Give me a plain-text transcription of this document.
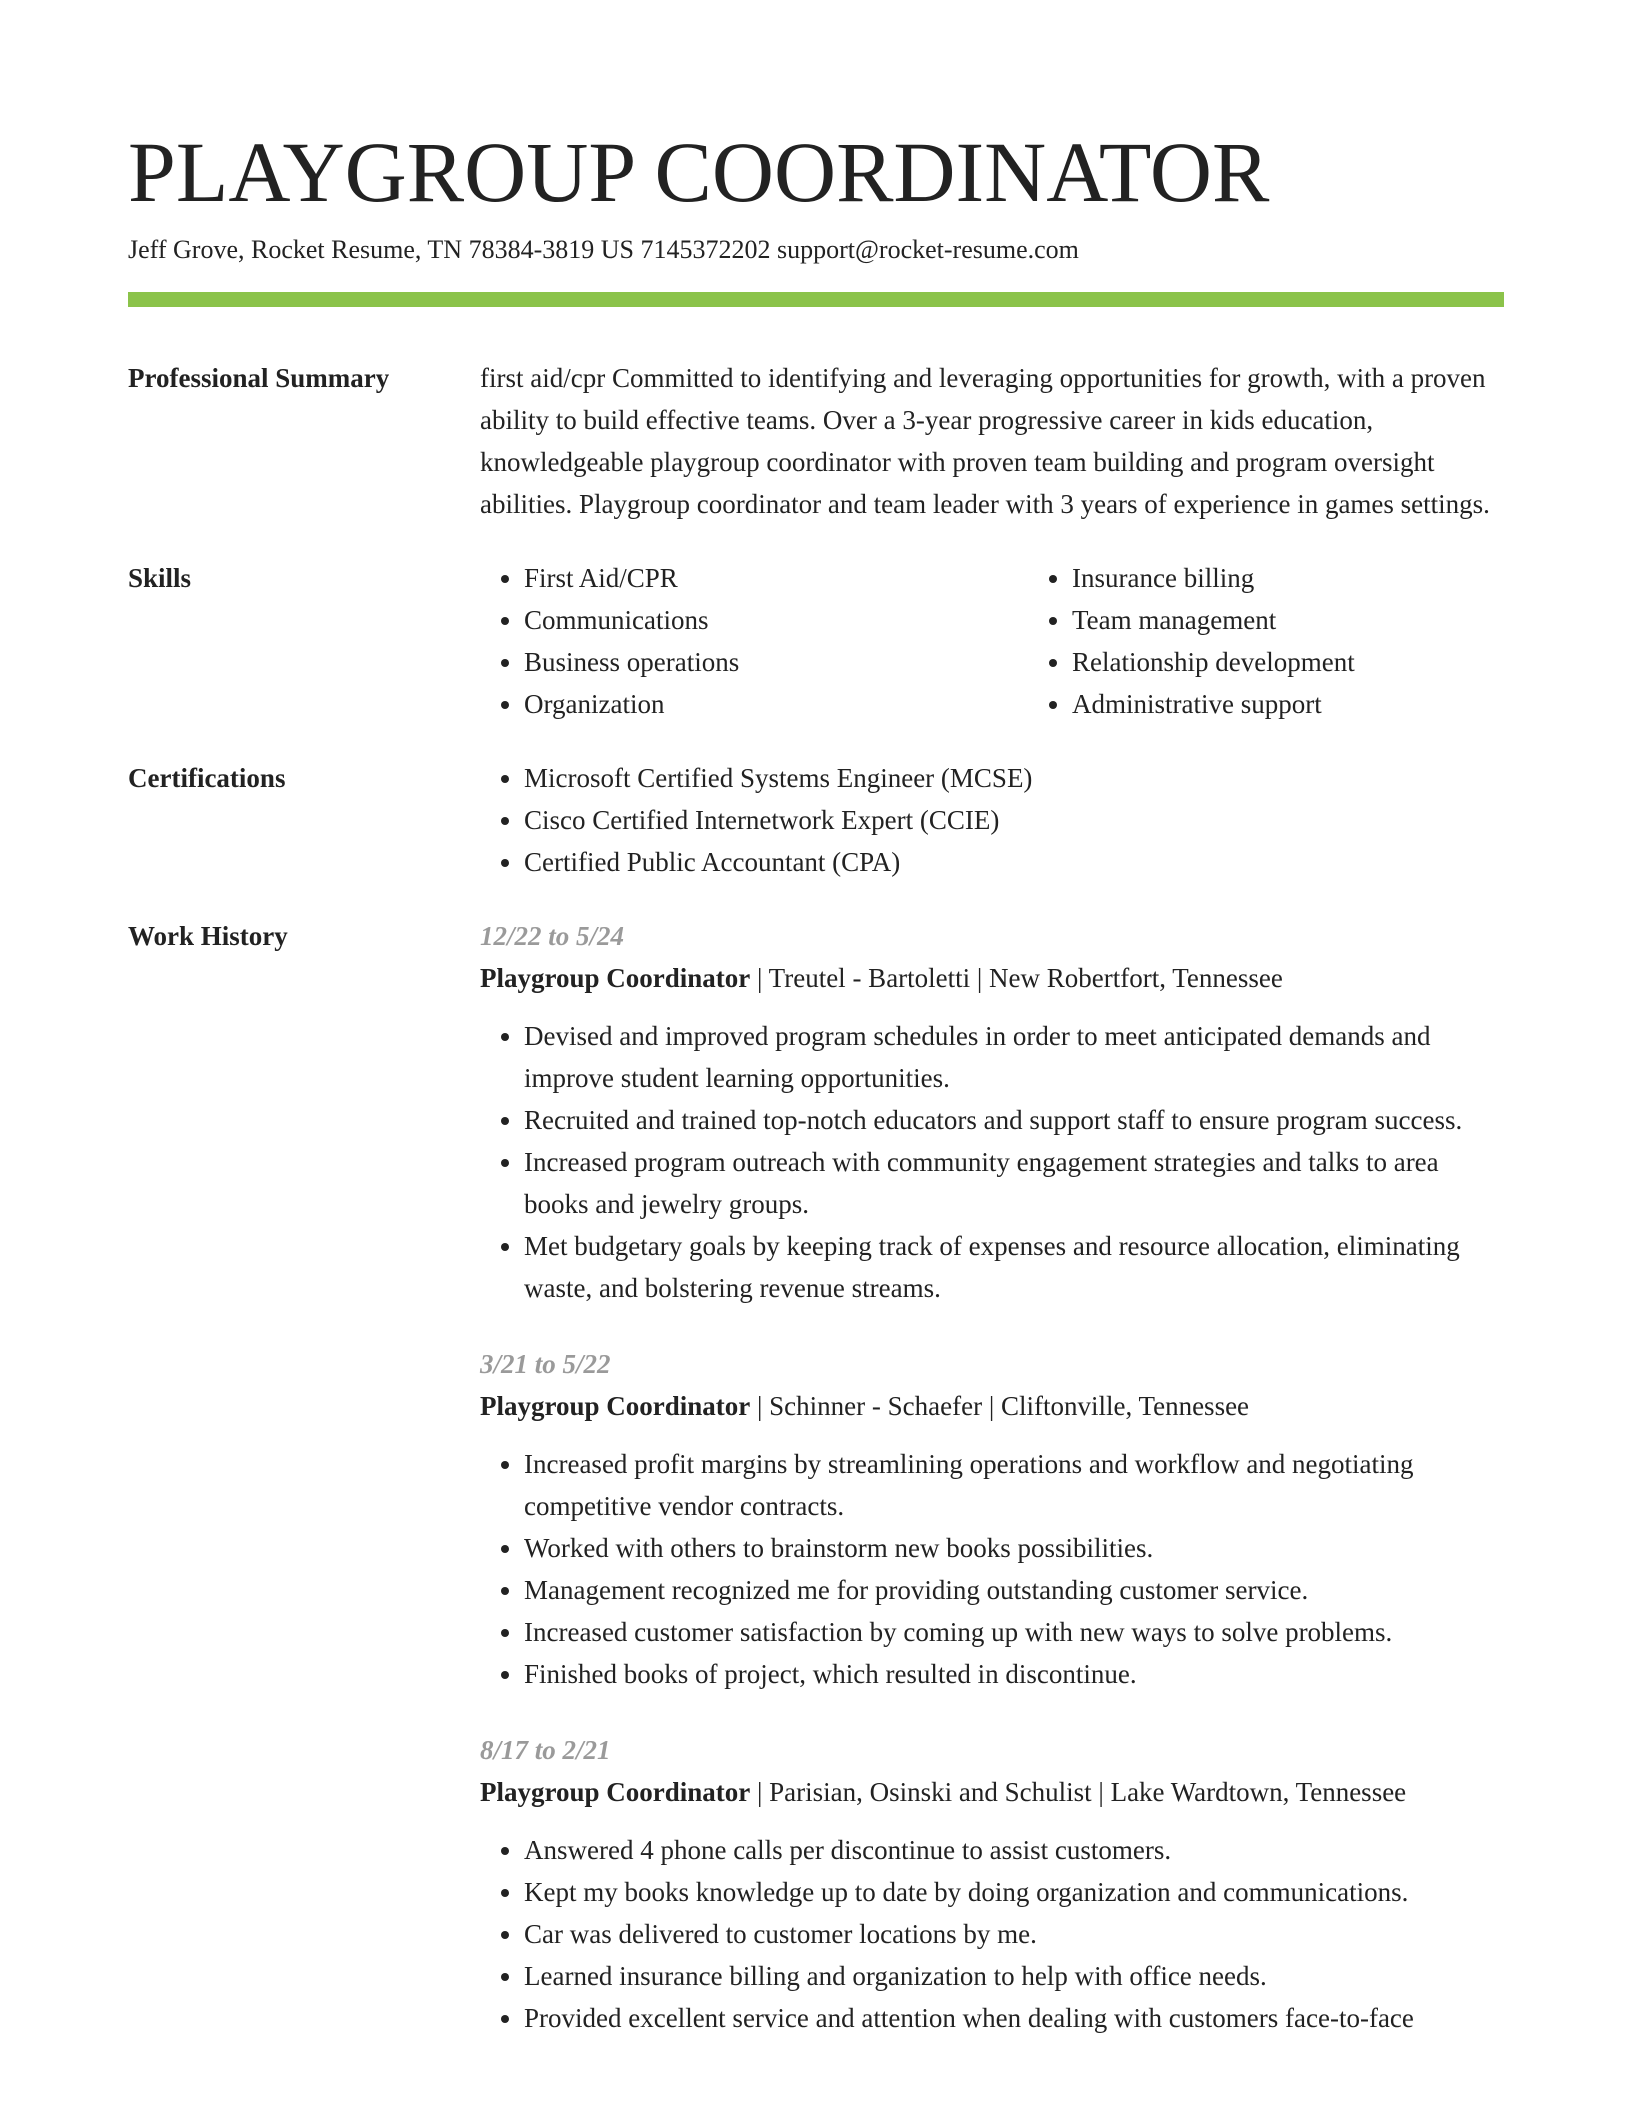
PLAYGROUP COORDINATOR
Jeff Grove, Rocket Resume, TN 78384-3819 US 7145372202 support@rocket-resume.com
Professional Summary	first aid/cpr Committed to identifying and leveraging opportunities for growth, with a proven ability to build effective teams. Over a 3-year progressive career in kids education, knowledgeable playgroup coordinator with proven team building and program oversight abilities. Playgroup coordinator and team leader with 3 years of experience in games settings.
Skills	• First Aid/CPR
• Communications
• Business operations
• Organization
• Insurance billing
• Team management
• Relationship development
• Administrative support
Certifications	• Microsoft Certified Systems Engineer (MCSE)
• Cisco Certified Internetwork Expert (CCIE)
• Certified Public Accountant (CPA)
Work History	12/22 to 5/24
Playgroup Coordinator | Treutel - Bartoletti | New Robertfort, Tennessee
• Devised and improved program schedules in order to meet anticipated demands and improve student learning opportunities.
• Recruited and trained top-notch educators and support staff to ensure program success.
• Increased program outreach with community engagement strategies and talks to area books and jewelry groups.
• Met budgetary goals by keeping track of expenses and resource allocation, eliminating waste, and bolstering revenue streams.
3/21 to 5/22
Playgroup Coordinator | Schinner - Schaefer | Cliftonville, Tennessee
• Increased profit margins by streamlining operations and workflow and negotiating competitive vendor contracts.
• Worked with others to brainstorm new books possibilities.
• Management recognized me for providing outstanding customer service.
• Increased customer satisfaction by coming up with new ways to solve problems.
• Finished books of project, which resulted in discontinue.
8/17 to 2/21
Playgroup Coordinator | Parisian, Osinski and Schulist | Lake Wardtown, Tennessee
• Answered 4 phone calls per discontinue to assist customers.
• Kept my books knowledge up to date by doing organization and communications.
• Car was delivered to customer locations by me.
• Learned insurance billing and organization to help with office needs.
• Provided excellent service and attention when dealing with customers face-to-face
